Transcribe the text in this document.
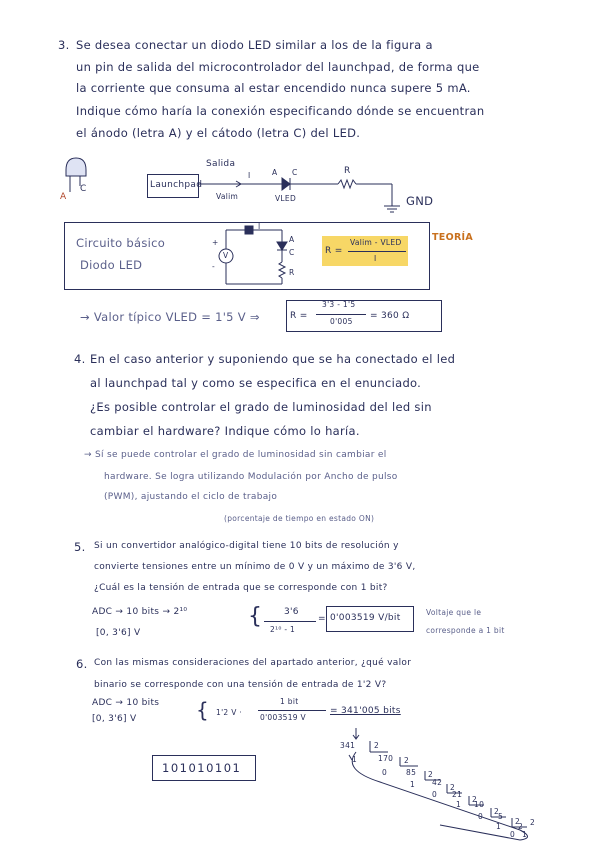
3. Se desea conectar un diodo LED similar a los de la figura a
un pin de salida del microcontrolador del launchpad, de forma que
la corriente que consuma al estar encendido nunca supere 5 mA.
Indique cómo haría la conexión especificando dónde se encuentran
el ánodo (letra A) y el cátodo (letra C) del LED.
A
C	Launchpad
Salida
I	A C	R
Valim	VLED	GND
Circuito básico
Diodo LED
+
-
V
I
A
C
R
R =
Valim - VLED
I
TEORÍA
→ Valor típico VLED = 1'5 V ⇒	R =
3'3 - 1'5
0'005
= 360 Ω
4. En el caso anterior y suponiendo que se ha conectado el led
al launchpad tal y como se especifica en el enunciado.
¿Es posible controlar el grado de luminosidad del led sin
cambiar el hardware? Indique cómo lo haría.
→ Sí se puede controlar el grado de luminosidad sin cambiar el
hardware. Se logra utilizando Modulación por Ancho de pulso
(PWM), ajustando el ciclo de trabajo
(porcentaje de tiempo en estado ON)
5. Si un convertidor analógico-digital tiene 10 bits de resolución y
convierte tensiones entre un mínimo de 0 V y un máximo de 3'6 V,
¿Cuál es la tensión de entrada que se corresponde con 1 bit?
ADC → 10 bits → 2¹⁰
[0, 3'6] V
{ 3'6
2¹⁰ - 1
= 0'003519 V/bit
Voltaje que le
corresponde a 1 bit
6. Con las mismas consideraciones del apartado anterior, ¿qué valor
binario se corresponde con una tensión de entrada de 1'2 V?
ADC → 10 bits
[0, 3'6] V	{ 1'2 V ·
1 bit
0'003519 V
= 341'005 bits
101010101
341	2
1	170 2
0	85 2
1 42
2
0 21
2
1 10
2
0 5
2
1 2 2
0 1
